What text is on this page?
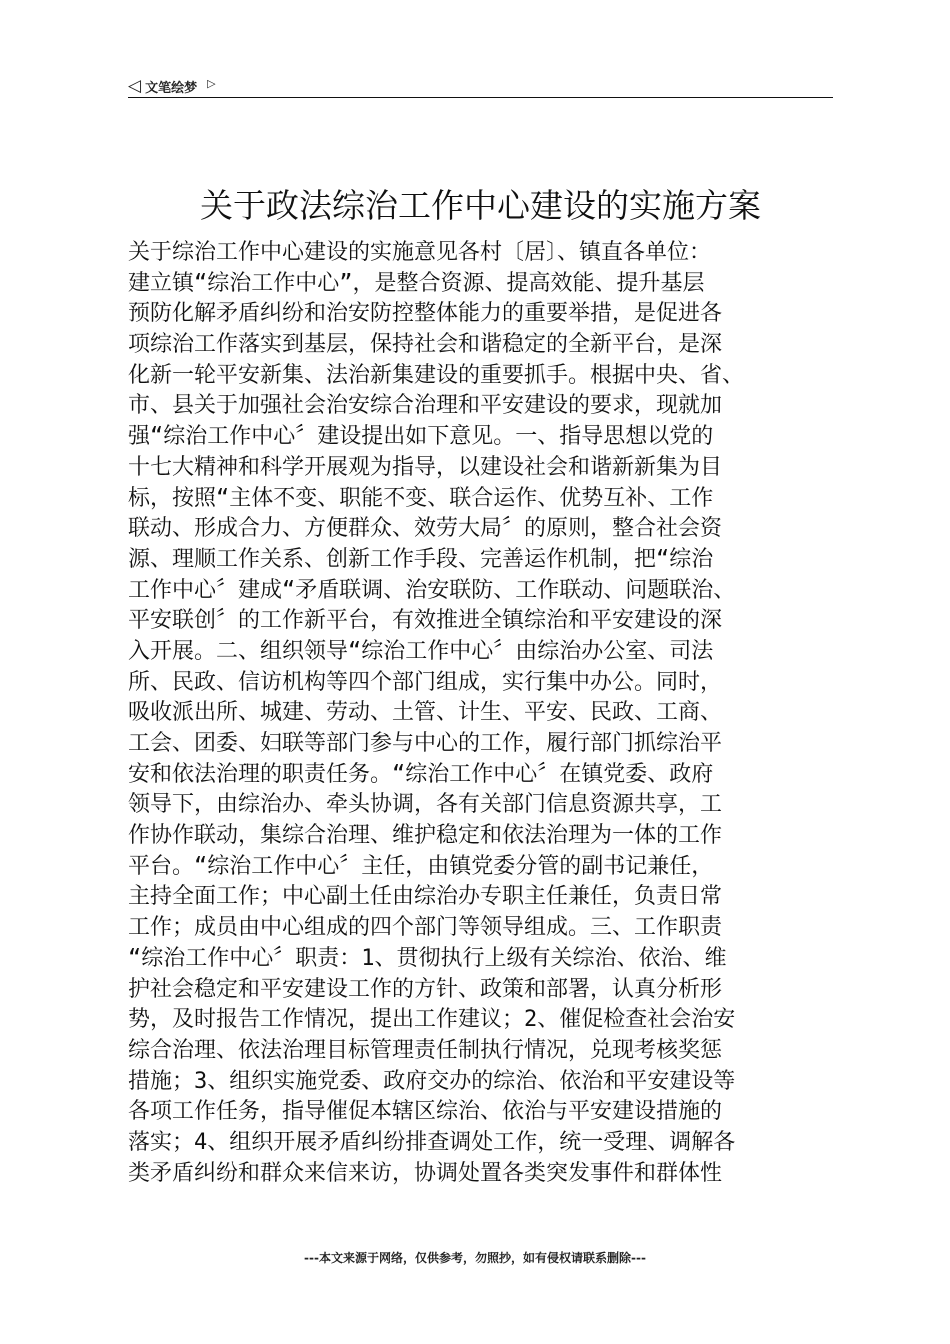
◁ 文笔绘梦 ▷
关于政法综治工作中心建设的实施方案
关于综治工作中心建设的实施意见各村〔居〕、镇直各单位：
建立镇“综治工作中心”，是整合资源、提高效能、提升基层
预防化解矛盾纠纷和治安防控整体能力的重要举措，是促进各
项综治工作落实到基层，保持社会和谐稳定的全新平台，是深
化新一轮平安新集、法治新集建设的重要抓手。根据中央、省、
市、县关于加强社会治安综合治理和平安建设的要求，现就加
强“综治工作中心〞建设提出如下意见。一、指导思想以党的
十七大精神和科学开展观为指导，以建设社会和谐新新集为目
标，按照“主体不变、职能不变、联合运作、优势互补、工作
联动、形成合力、方便群众、效劳大局〞的原则，整合社会资
源、理顺工作关系、创新工作手段、完善运作机制，把“综治
工作中心〞建成“矛盾联调、治安联防、工作联动、问题联治、
平安联创〞的工作新平台，有效推进全镇综治和平安建设的深
入开展。二、组织领导“综治工作中心〞由综治办公室、司法
所、民政、信访机构等四个部门组成，实行集中办公。同时，
吸收派出所、城建、劳动、土管、计生、平安、民政、工商、
工会、团委、妇联等部门参与中心的工作，履行部门抓综治平
安和依法治理的职责任务。“综治工作中心〞在镇党委、政府
领导下，由综治办、牵头协调，各有关部门信息资源共享，工
作协作联动，集综合治理、维护稳定和依法治理为一体的工作
平台。“综治工作中心〞主任，由镇党委分管的副书记兼任，
主持全面工作；中心副土任由综治办专职主任兼任，负责日常
工作；成员由中心组成的四个部门等领导组成。三、工作职责
“综治工作中心〞职责：1、贯彻执行上级有关综治、依治、维
护社会稳定和平安建设工作的方针、政策和部署，认真分析形
势，及时报告工作情况，提出工作建议；2、催促检查社会治安
综合治理、依法治理目标管理责任制执行情况，兑现考核奖惩
措施；3、组织实施党委、政府交办的综治、依治和平安建设等
各项工作任务，指导催促本辖区综治、依治与平安建设措施的
落实；4、组织开展矛盾纠纷排查调处工作，统一受理、调解各
类矛盾纠纷和群众来信来访，协调处置各类突发事件和群体性
---本文来源于网络，仅供参考，勿照抄，如有侵权请联系删除---
